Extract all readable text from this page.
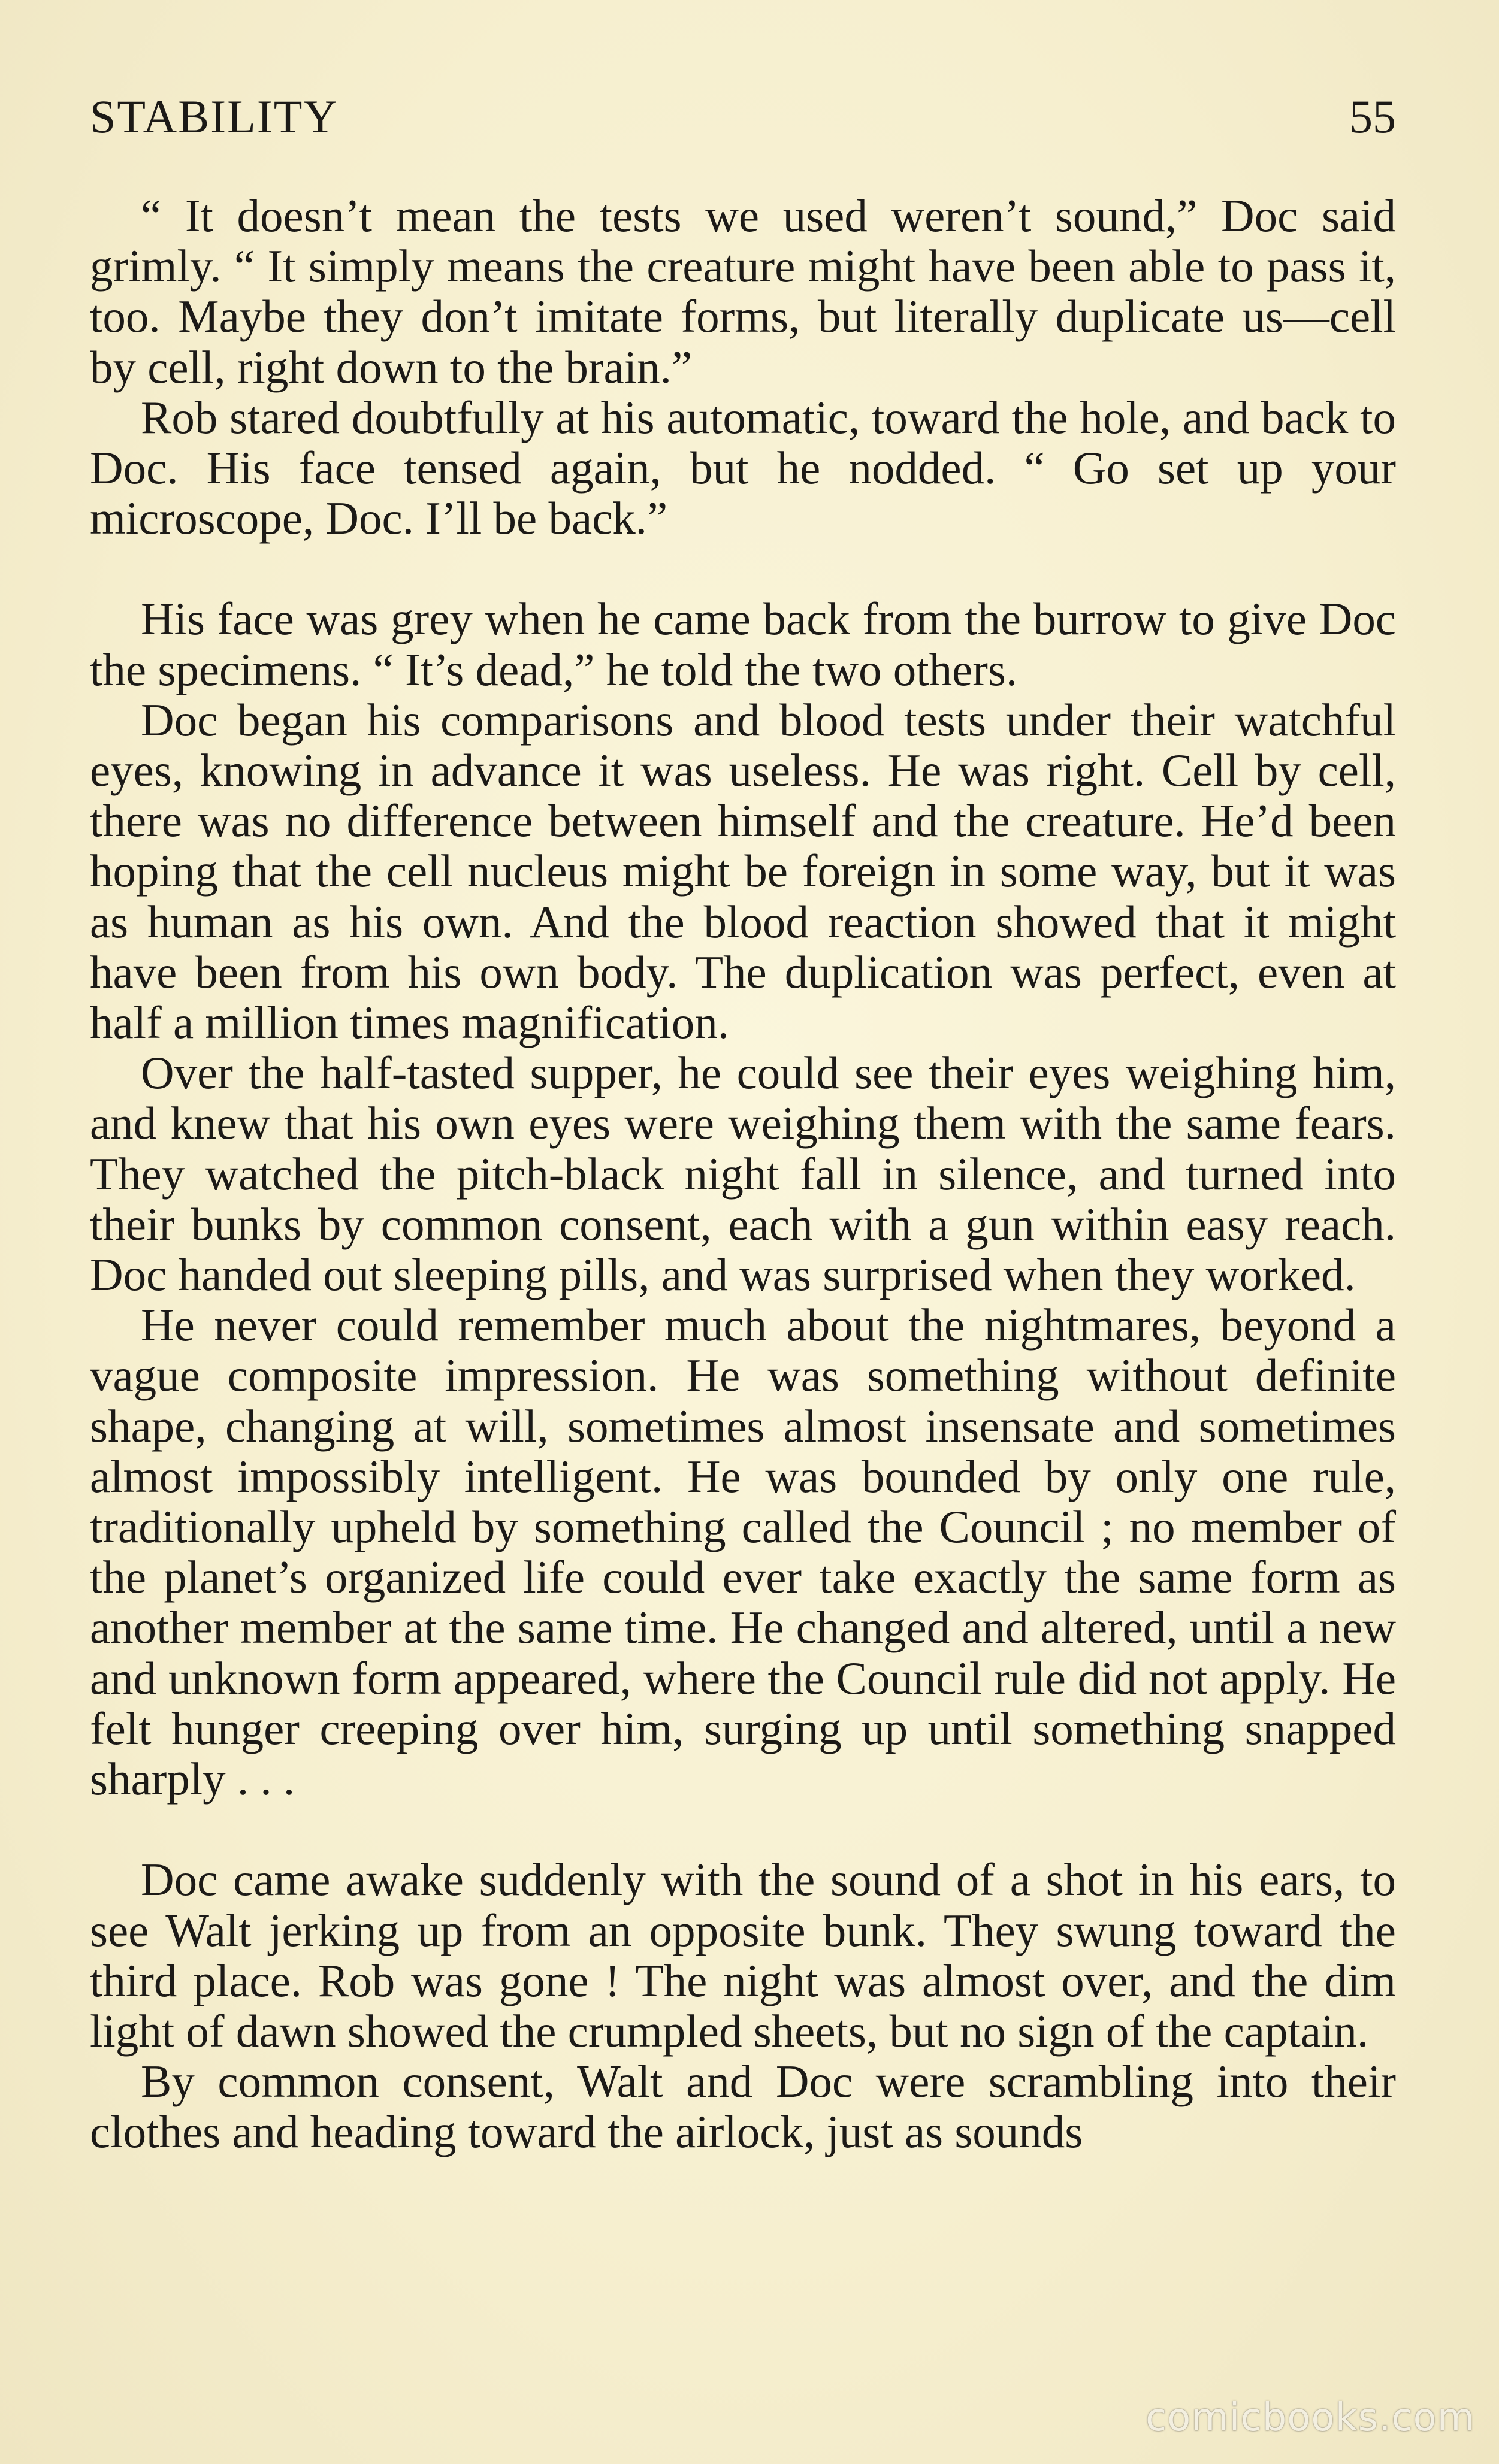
STABILITY	55

“ It doesn’t mean the tests we used weren’t sound,” Doc said grimly. “ It simply means the creature might have been able to pass it, too. Maybe they don’t imitate forms, but literally duplicate us—cell by cell, right down to the brain.”

Rob stared doubtfully at his automatic, toward the hole, and back to Doc. His face tensed again, but he nodded. “ Go set up your microscope, Doc. I’ll be back.”

His face was grey when he came back from the burrow to give Doc the specimens. “ It’s dead,” he told the two others.

Doc began his comparisons and blood tests under their watchful eyes, knowing in advance it was useless. He was right. Cell by cell, there was no difference between himself and the creature. He’d been hoping that the cell nucleus might be foreign in some way, but it was as human as his own. And the blood reaction showed that it might have been from his own body. The duplication was perfect, even at half a million times magnification.

Over the half-tasted supper, he could see their eyes weighing him, and knew that his own eyes were weighing them with the same fears. They watched the pitch-black night fall in silence, and turned into their bunks by common consent, each with a gun within easy reach. Doc handed out sleeping pills, and was surprised when they worked.

He never could remember much about the nightmares, beyond a vague composite impression. He was something without definite shape, changing at will, sometimes almost insensate and sometimes almost impossibly intelligent. He was bounded by only one rule, traditionally upheld by something called the Council ; no member of the planet’s organized life could ever take exactly the same form as another member at the same time. He changed and altered, until a new and unknown form appeared, where the Council rule did not apply. He felt hunger creeping over him, surging up until something snapped sharply . . .

Doc came awake suddenly with the sound of a shot in his ears, to see Walt jerking up from an opposite bunk. They swung toward the third place. Rob was gone ! The night was almost over, and the dim light of dawn showed the crumpled sheets, but no sign of the captain.

By common consent, Walt and Doc were scrambling into their clothes and heading toward the airlock, just as sounds

comicbooks.com
